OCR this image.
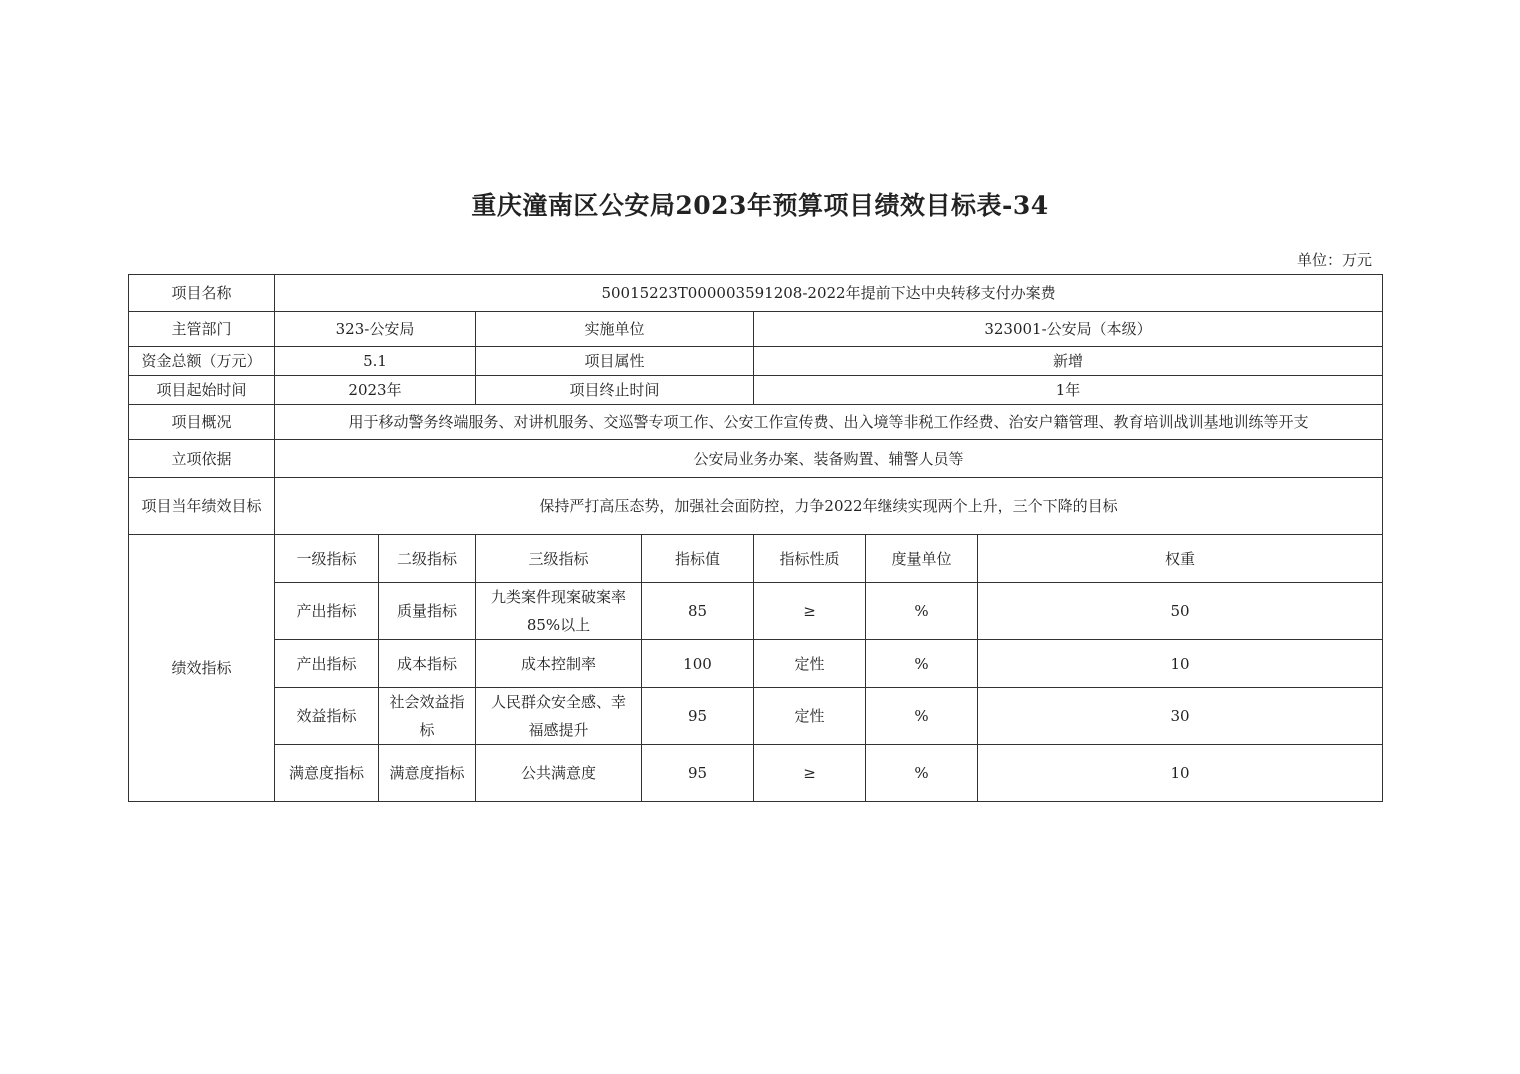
重庆潼南区公安局2023年预算项目绩效目标表-34
单位：万元
项目名称	50015223T000003591208-2022年提前下达中央转移支付办案费						
主管部门	323-公安局		实施单位		323001-公安局（本级）		
资金总额（万元）	5.1		项目属性		新增		
项目起始时间	2023年		项目终止时间		1年		
项目概况	用于移动警务终端服务、对讲机服务、交巡警专项工作、公安工作宣传费、出入境等非税工作经费、治安户籍管理、教育培训战训基地训练等开支						
立项依据	公安局业务办案、装备购置、辅警人员等						
项目当年绩效目标	保持严打高压态势，加强社会面防控，力争2022年继续实现两个上升，三个下降的目标						
绩效指标	一级指标	二级指标	三级指标	指标值	指标性质	度量单位	权重
	产出指标	质量指标	九类案件现案破案率85%以上	85	≥	%	50
	产出指标	成本指标	成本控制率	100	定性	%	10
	效益指标	社会效益指标	人民群众安全感、幸福感提升	95	定性	%	30
	满意度指标	满意度指标	公共满意度	95	≥	%	10
